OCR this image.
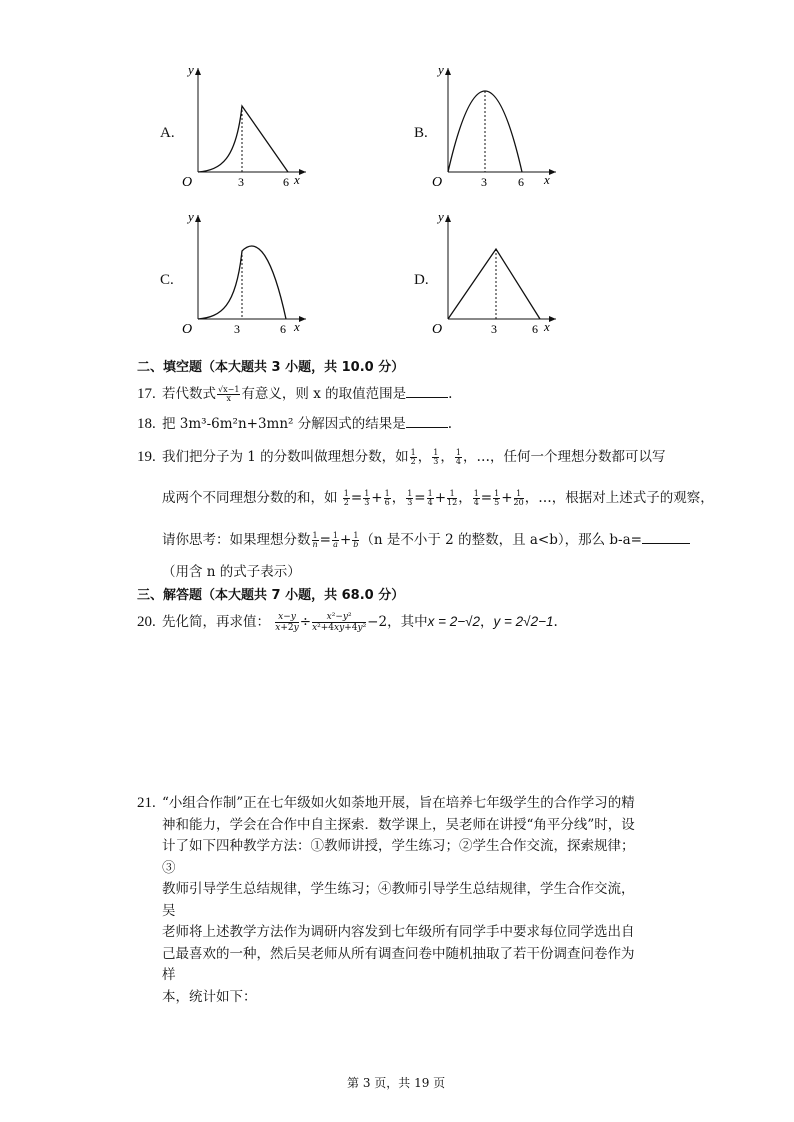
A.
y
x
O	3	6
B.
y
x
O	3	6
C.
y
x
O	3	6
D.
y
x
O	3	6
二、填空题（本大题共 3 小题，共 10.0 分）
17. 若代数式 $\frac{√x-1}{x}$ 有意义，则 x 的取值范围是	.
18. 把 3m³-6m²n+3mn² 分解因式的结果是	.
19. 我们把分子为 1 的分数叫做理想分数，如 $\frac{1}{2}$ ， $\frac{1}{3}$ ， $\frac{1}{4}$ ，…，任何一个理想分数都可以写
成两个不同理想分数的和，如 $\frac{1}{2} = \frac{1}{3} + \frac{1}{6}$ ， $\frac{1}{3} = \frac{1}{4} + \frac{1}{12}$ ， $\frac{1}{4} = \frac{1}{5} + \frac{1}{20}$ ，…，根据对上述式子的观察，
请你思考：如果理想分数 $\frac{1}{n} = \frac{1}{a} + \frac{1}{b} (n$ 是不小于 2 的整数，且 a<b），那么 b-a=
（用含 n 的式子表示）
三、解答题（本大题共 7 小题，共 68.0 分）
20. 先化简，再求值： $\frac{x-y}{x+2y} \div \frac{\text{x²−y²}}{\text{x²+4xy+4y²}} -2$，其中x = 2−√2，y = 2√2−1.
21. “小组合作制”正在七年级如火如荼地开展，旨在培养七年级学生的合作学习的精
神和能力，学会在合作中自主探索．数学课上，吴老师在讲授“角平分线”时，设
计了如下四种教学方法：①教师讲授，学生练习；②学生合作交流，探索规律；③
教师引导学生总结规律，学生练习；④教师引导学生总结规律，学生合作交流，吴
老师将上述教学方法作为调研内容发到七年级所有同学手中要求每位同学选出自
己最喜欢的一种，然后吴老师从所有调查问卷中随机抽取了若干份调查问卷作为样
本，统计如下：
第 3 页，共 19 页
